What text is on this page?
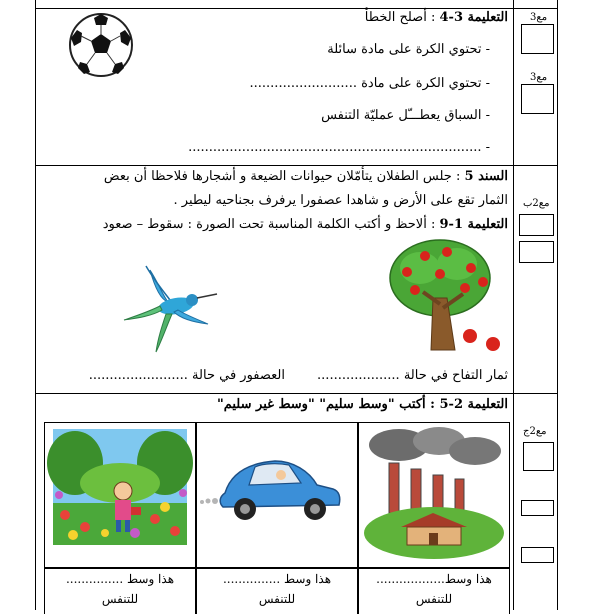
مع3
مع3
التعليمة 3-4 : أصلح الخطأ
- تحتوي الكرة على مادة سائلة
- تحتوي الكرة على مادة ..........................
- السباق يعطـــّل عمليّة التنفس
- .......................................................................
مع2ب
السند 5 : جلس الطفلان يتأمّلان حيوانات الضيعة و أشجارها فلاحظا أن بعض
الثمار تقع على الأرض و شاهدا عصفورا يرفرف بجناحيه ليطير .
التعليمة 1-9 : ألاحظ و أكتب الكلمة المناسبة تحت الصورة : سقوط – صعود
ثمار التفاح في حالة ....................
العصفور في حالة ........................
مع2ج
التعليمة 2-5 : أكتب "وسط سليم" "وسط غير سليم"
هذا وسط..................
للتنفس
هذا وسط ...............
للتنفس
هذا وسط ...............
للتنفس
